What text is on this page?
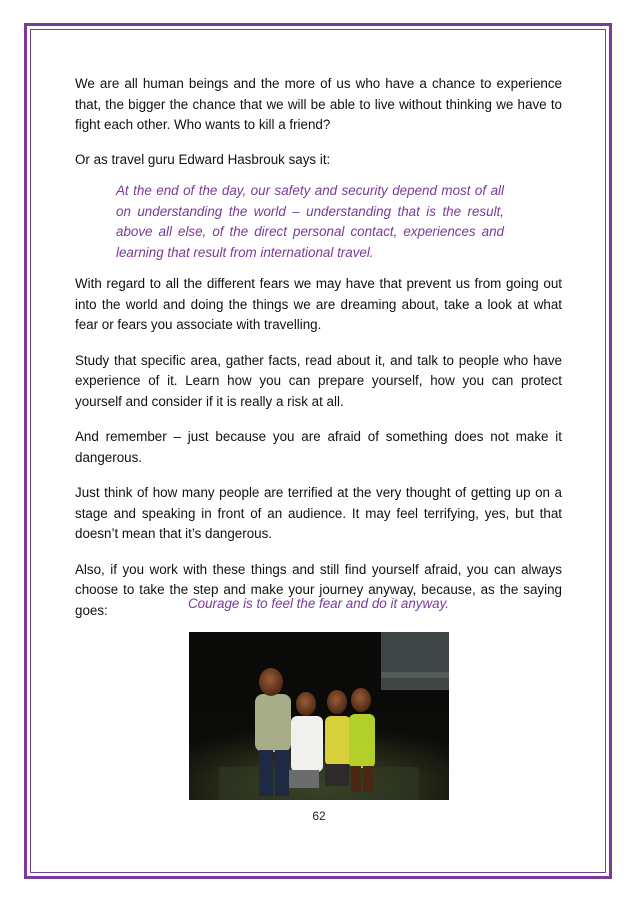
We are all human beings and the more of us who have a chance to experience that, the bigger the chance that we will be able to live without thinking we have to fight each other. Who wants to kill a friend?

Or as travel guru Edward Hasbrouk says it:

At the end of the day, our safety and security depend most of all on understanding the world – understanding that is the result, above all else, of the direct personal contact, experiences and learning that result from international travel.

With regard to all the different fears we may have that prevent us from going out into the world and doing the things we are dreaming about, take a look at what fear or fears you associate with travelling.

Study that specific area, gather facts, read about it, and talk to people who have experience of it. Learn how you can prepare yourself, how you can protect yourself and consider if it is really a risk at all.

And remember – just because you are afraid of something does not make it dangerous.

Just think of how many people are terrified at the very thought of getting up on a stage and speaking in front of an audience. It may feel terrifying, yes, but that doesn’t mean that it’s dangerous.

Also, if you work with these things and still find yourself afraid, you can always choose to take the step and make your journey anyway, because, as the saying goes:	Courage is to feel the fear and do it anyway.
62
